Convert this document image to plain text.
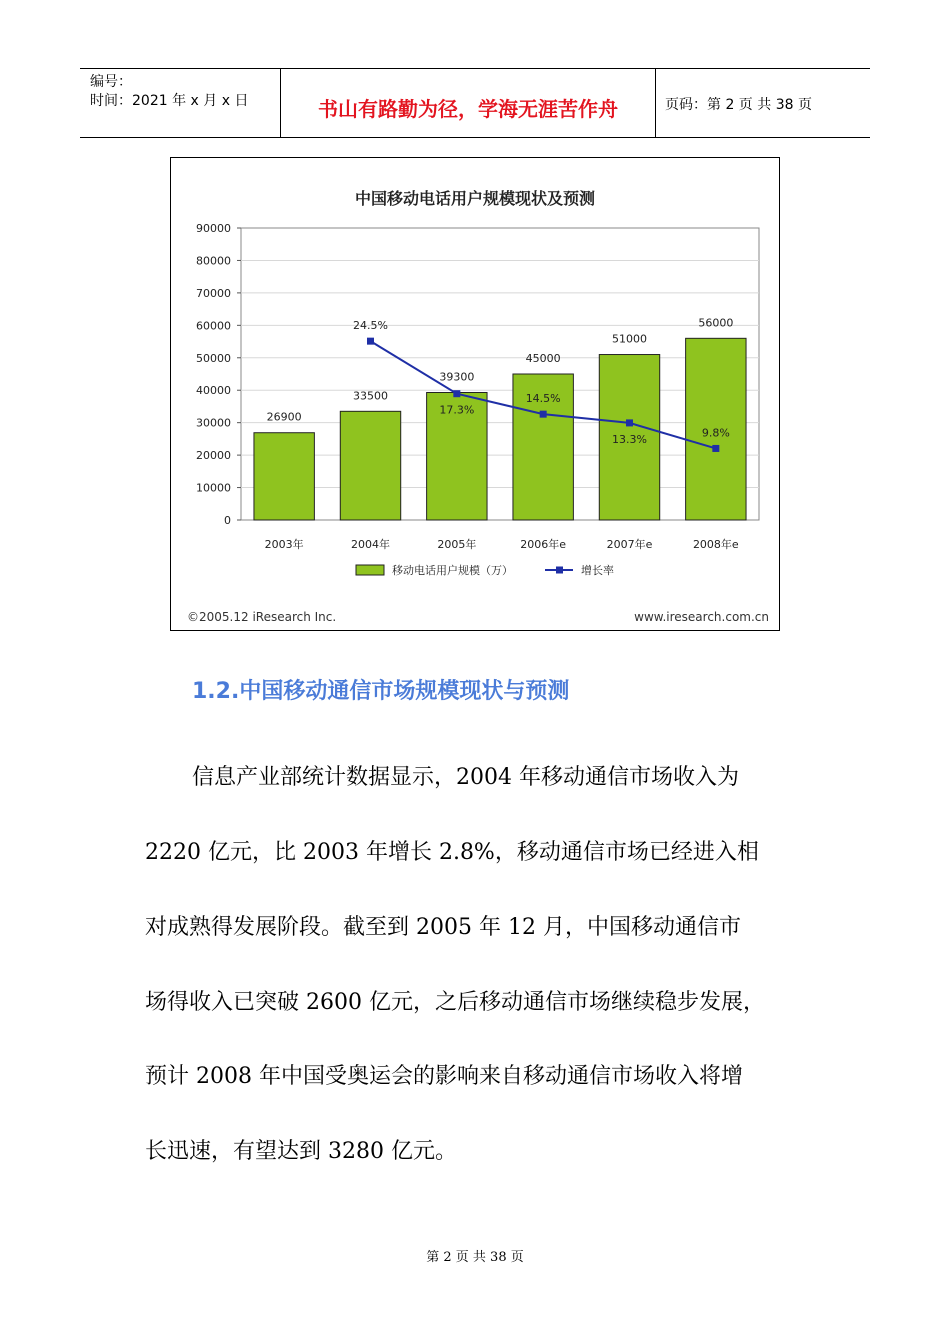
编号：
时间：2021 年 x 月 x 日	书山有路勤为径，学海无涯苦作舟	页码：第 2 页 共 38 页
中国移动电话用户规模现状及预测
0
10000
20000
30000
40000
50000
60000
70000
80000
90000
26900
2003年
33500
2004年
39300
2005年
45000
2006年e
51000
2007年e
56000
2008年e
24.5%
17.3%
14.5%
13.3%	9.8%
移动电话用户规模（万）	增长率
©2005.12 iResearch Inc.	www.iresearch.com.cn
1.2.中国移动通信市场规模现状与预测
信息产业部统计数据显示，2004 年移动通信市场收入为
2220 亿元，比 2003 年增长 2.8%，移动通信市场已经进入相
对成熟得发展阶段。截至到 2005 年 12 月，中国移动通信市
场得收入已突破 2600 亿元，之后移动通信市场继续稳步发展，
预计 2008 年中国受奥运会的影响来自移动通信市场收入将增
长迅速，有望达到 3280 亿元。
第 2 页 共 38 页
